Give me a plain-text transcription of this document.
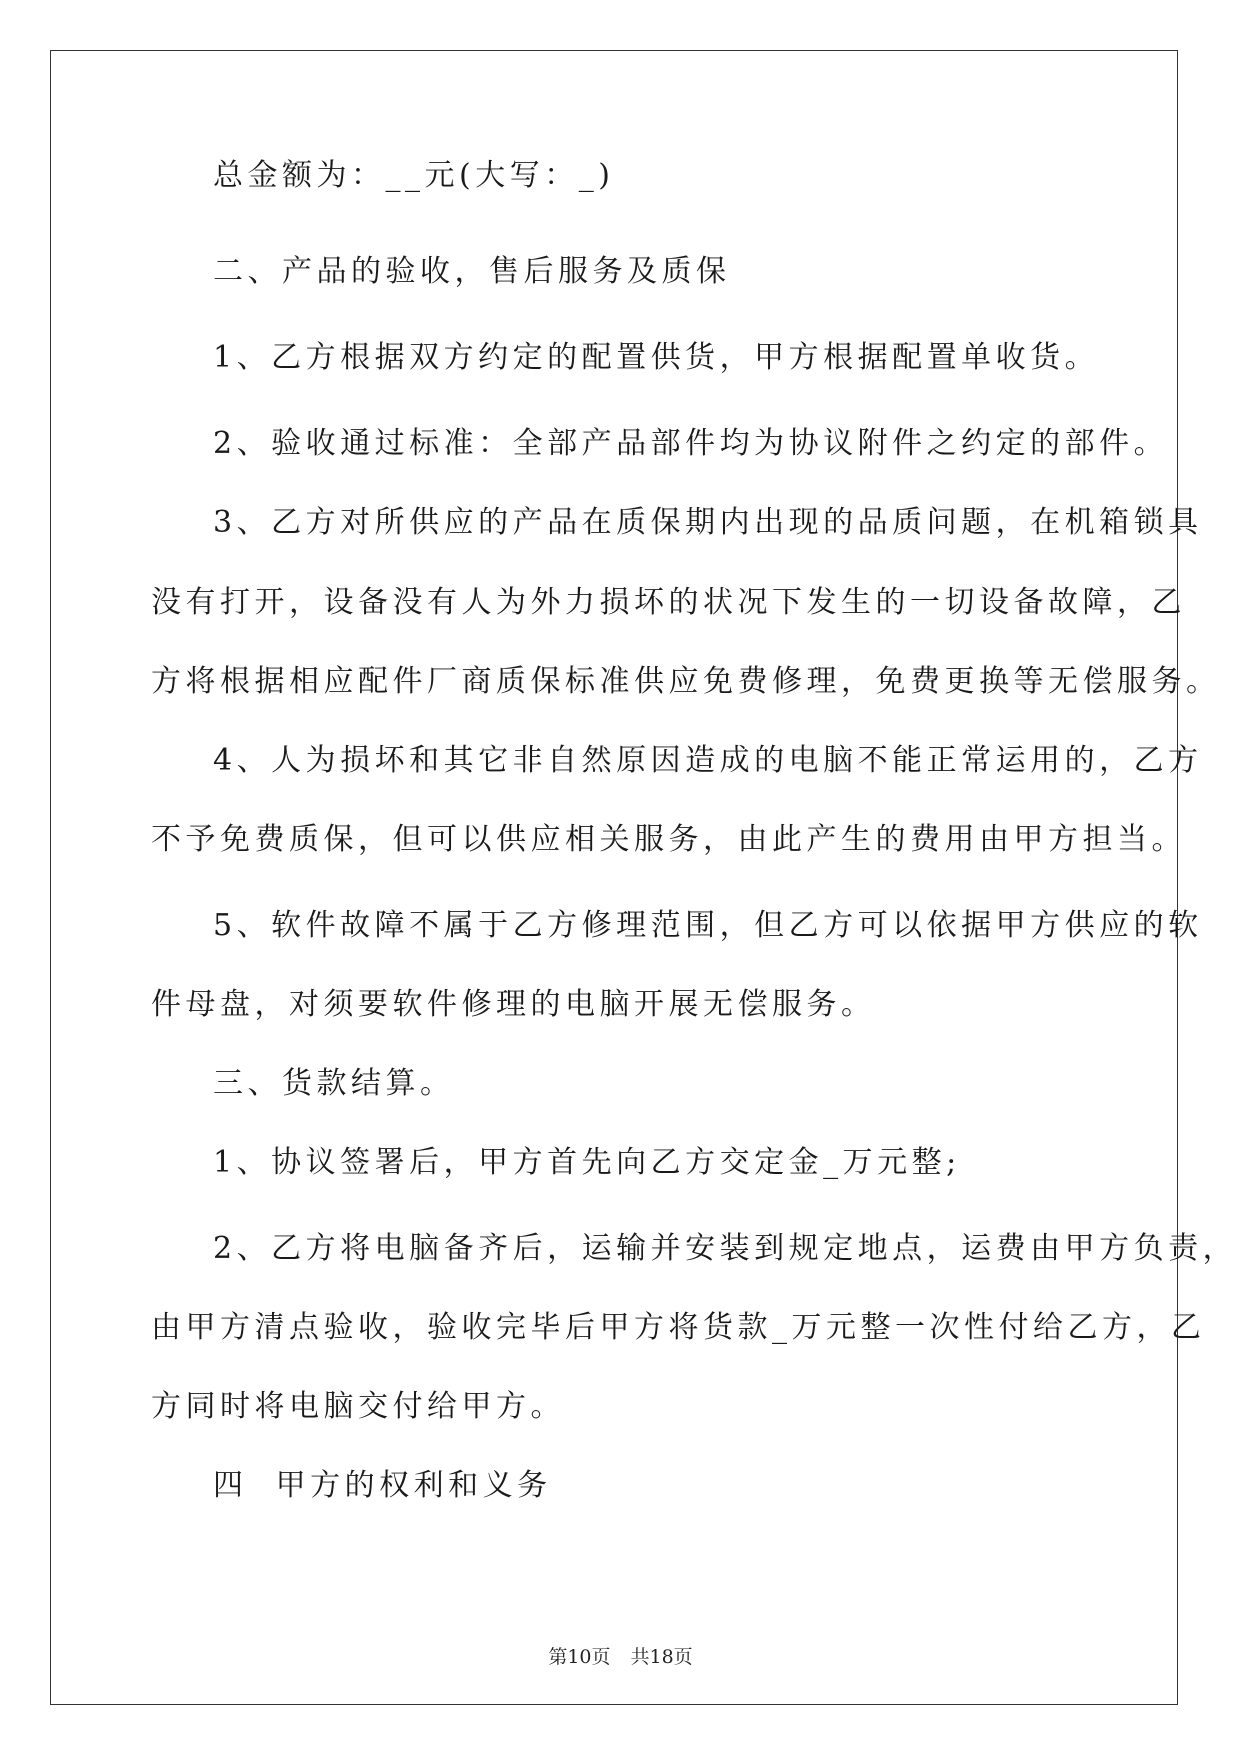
总金额为：__元(大写：_)
二、产品的验收，售后服务及质保
1、乙方根据双方约定的配置供货，甲方根据配置单收货。
2、验收通过标准：全部产品部件均为协议附件之约定的部件。
3、乙方对所供应的产品在质保期内出现的品质问题，在机箱锁具
没有打开，设备没有人为外力损坏的状况下发生的一切设备故障，乙
方将根据相应配件厂商质保标准供应免费修理，免费更换等无偿服务。
4、人为损坏和其它非自然原因造成的电脑不能正常运用的，乙方
不予免费质保，但可以供应相关服务，由此产生的费用由甲方担当。
5、软件故障不属于乙方修理范围，但乙方可以依据甲方供应的软
件母盘，对须要软件修理的电脑开展无偿服务。
三、货款结算。
1、协议签署后，甲方首先向乙方交定金_万元整;
2、乙方将电脑备齐后，运输并安装到规定地点，运费由甲方负责，
由甲方清点验收，验收完毕后甲方将货款_万元整一次性付给乙方，乙
方同时将电脑交付给甲方。
四  甲方的权利和义务
第10页 共18页
